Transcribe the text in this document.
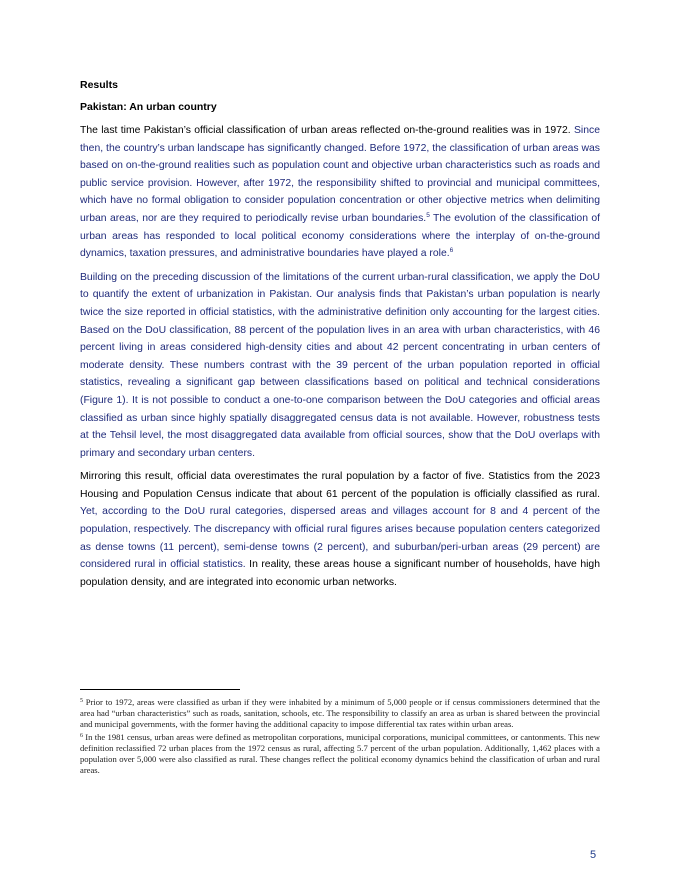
Results
Pakistan: An urban country

The last time Pakistan’s official classification of urban areas reflected on-the-ground realities was in 1972. Since then, the country’s urban landscape has significantly changed. Before 1972, the classification of urban areas was based on on-the-ground realities such as population count and objective urban characteristics such as roads and public service provision. However, after 1972, the responsibility shifted to provincial and municipal committees, which have no formal obligation to consider population concentration or other objective metrics when delimiting urban areas, nor are they required to periodically revise urban boundaries.$^5$ The evolution of the classification of urban areas has responded to local political economy considerations where the interplay of on-the-ground dynamics, taxation pressures, and administrative boundaries have played a role.$^6$

Building on the preceding discussion of the limitations of the current urban-rural classification, we apply the DoU to quantify the extent of urbanization in Pakistan. Our analysis finds that Pakistan’s urban population is nearly twice the size reported in official statistics, with the administrative definition only accounting for the largest cities. Based on the DoU classification, 88 percent of the population lives in an area with urban characteristics, with 46 percent living in areas considered high-density cities and about 42 percent concentrating in urban centers of moderate density. These numbers contrast with the 39 percent of the urban population reported in official statistics, revealing a significant gap between classifications based on political and technical considerations (Figure 1). It is not possible to conduct a one-to-one comparison between the DoU categories and official areas classified as urban since highly spatially disaggregated census data is not available. However, robustness tests at the Tehsil level, the most disaggregated data available from official sources, show that the DoU overlaps with primary and secondary urban centers.

Mirroring this result, official data overestimates the rural population by a factor of five. Statistics from the 2023 Housing and Population Census indicate that about 61 percent of the population is officially classified as rural. Yet, according to the DoU rural categories, dispersed areas and villages account for 8 and 4 percent of the population, respectively. The discrepancy with official rural figures arises because population centers categorized as dense towns (11 percent), semi-dense towns (2 percent), and suburban/peri-urban areas (29 percent) are considered rural in official statistics. In reality, these areas house a significant number of households, have high population density, and are integrated into economic urban networks.

$^5$ Prior to 1972, areas were classified as urban if they were inhabited by a minimum of 5,000 people or if census commissioners determined that the area had “urban characteristics” such as roads, sanitation, schools, etc. The responsibility to classify an area as urban is shared between the provincial and municipal governments, with the former having the additional capacity to impose differential tax rates within urban areas.

$^6$ In the 1981 census, urban areas were defined as metropolitan corporations, municipal corporations, municipal committees, or cantonments. This new definition reclassified 72 urban places from the 1972 census as rural, affecting 5.7 percent of the urban population. Additionally, 1,462 places with a population over 5,000 were also classified as rural. These changes reflect the political economy dynamics behind the classification of urban and rural areas.

5
